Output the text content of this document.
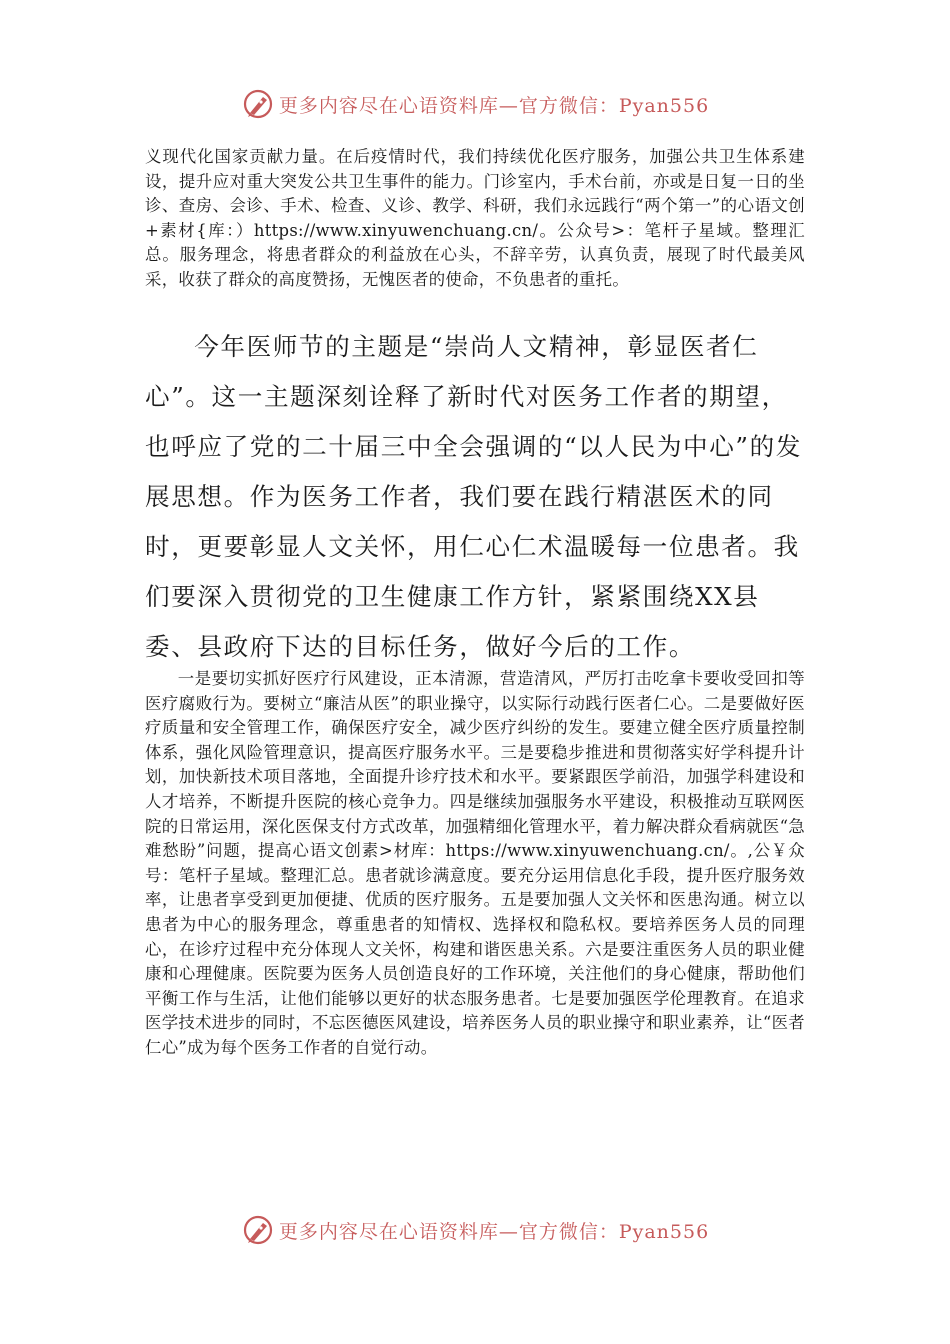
更多内容尽在心语资料库—官方微信：Pyan556
义现代化国家贡献力量。在后疫情时代，我们持续优化医疗服务，加强公共卫生体系建设，提升应对重大突发公共卫生事件的能力。门诊室内，手术台前，亦或是日复一日的坐诊、查房、会诊、手术、检查、义诊、教学、科研，我们永远践行“两个第一”的心语文创+素材{库：）https://www.xinyuwenchuang.cn/。公众号>：笔杆子星域。整理汇总。服务理念，将患者群众的利益放在心头，不辞辛劳，认真负责，展现了时代最美风采，收获了群众的高度赞扬，无愧医者的使命，不负患者的重托。
今年医师节的主题是“崇尚人文精神，彰显医者仁心”。这一主题深刻诠释了新时代对医务工作者的期望，也呼应了党的二十届三中全会强调的“以人民为中心”的发展思想。作为医务工作者，我们要在践行精湛医术的同时，更要彰显人文关怀，用仁心仁术温暖每一位患者。我们要深入贯彻党的卫生健康工作方针，紧紧围绕XX县委、县政府下达的目标任务，做好今后的工作。
一是要切实抓好医疗行风建设，正本清源，营造清风，严厉打击吃拿卡要收受回扣等医疗腐败行为。要树立“廉洁从医”的职业操守，以实际行动践行医者仁心。二是要做好医疗质量和安全管理工作，确保医疗安全，减少医疗纠纷的发生。要建立健全医疗质量控制体系，强化风险管理意识，提高医疗服务水平。三是要稳步推进和贯彻落实好学科提升计划，加快新技术项目落地，全面提升诊疗技术和水平。要紧跟医学前沿，加强学科建设和人才培养，不断提升医院的核心竞争力。四是继续加强服务水平建设，积极推动互联网医院的日常运用，深化医保支付方式改革，加强精细化管理水平，着力解决群众看病就医“急难愁盼”问题，提高心语文创素>材库：https://www.xinyuwenchuang.cn/。,公￥众号：笔杆子星域。整理汇总。患者就诊满意度。要充分运用信息化手段，提升医疗服务效率，让患者享受到更加便捷、优质的医疗服务。五是要加强人文关怀和医患沟通。树立以患者为中心的服务理念，尊重患者的知情权、选择权和隐私权。要培养医务人员的同理心，在诊疗过程中充分体现人文关怀，构建和谐医患关系。六是要注重医务人员的职业健康和心理健康。医院要为医务人员创造良好的工作环境，关注他们的身心健康，帮助他们平衡工作与生活，让他们能够以更好的状态服务患者。七是要加强医学伦理教育。在追求医学技术进步的同时，不忘医德医风建设，培养医务人员的职业操守和职业素养，让“医者仁心”成为每个医务工作者的自觉行动。
更多内容尽在心语资料库—官方微信：Pyan556
